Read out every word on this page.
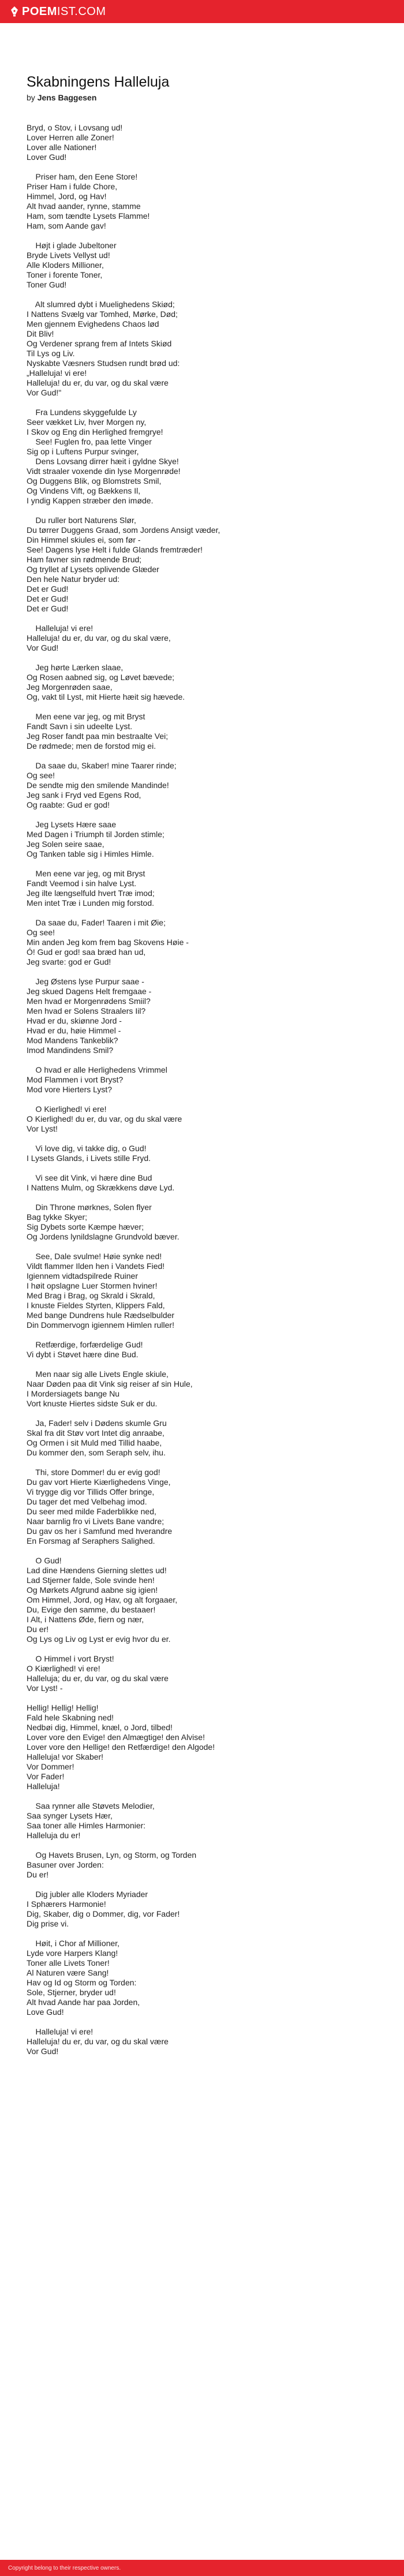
POEM IST.COM
Skabningens Halleluja
by Jens Baggesen
Bryd, o Stov, i Lovsang ud!
Lover Herren alle Zoner!
Lover alle Nationer!
Lover Gud!
Priser ham, den Eene Store!
Priser Ham i fulde Chore,
Himmel, Jord, og Hav!
Alt hvad aander, rynne, stamme
Ham, som tændte Lysets Flamme!
Ham, som Aande gav!
Højt i glade Jubeltoner
Bryde Livets Vellyst ud!
Alle Kloders Millioner,
Toner i forente Toner,
Toner Gud!
Alt slumred dybt i Muelighedens Skiød;
I Nattens Svælg var Tomhed, Mørke, Død;
Men gjennem Evighedens Chaos lød
Dit Bliv!
Og Verdener sprang frem af Intets Skiød
Til Lys og Liv.
Nyskabte Væsners Studsen rundt brød ud:
„Halleluja! vi ere!
Halleluja! du er, du var, og du skal være
Vor Gud!"
Fra Lundens skyggefulde Ly
Seer vækket Liv, hver Morgen ny,
I Skov og Eng din Herlighed fremgrye!
See! Fuglen fro, paa lette Vinger
Sig op i Luftens Purpur svinger,
Dens Lovsang dirrer hæit i gyldne Skye!
Vidt straaler voxende din lyse Morgenrøde!
Og Duggens Blik, og Blomstrets Smil,
Og Vindens Vift, og Bækkens Il,
I yndig Kappen stræber den imøde.
Du ruller bort Naturens Slør,
Du tørrer Duggens Graad, som Jordens Ansigt væder,
Din Himmel skiules ei, som før -
See! Dagens lyse Helt i fulde Glands fremtræder!
Ham favner sin rødmende Brud;
Og tryllet af Lysets oplivende Glæder
Den hele Natur bryder ud:
Det er Gud!
Det er Gud!
Det er Gud!
Halleluja! vi ere!
Halleluja! du er, du var, og du skal være,
Vor Gud!
Jeg hørte Lærken slaae,
Og Rosen aabned sig, og Løvet bævede;
Jeg Morgenrøden saae,
Og, vakt til Lyst, mit Hierte hæit sig hævede.
Men eene var jeg, og mit Bryst
Fandt Savn i sin udeelte Lyst.
Jeg Roser fandt paa min bestraalte Vei;
De rødmede; men de forstod mig ei.
Da saae du, Skaber! mine Taarer rinde;
Og see!
De sendte mig den smilende Mandinde!
Jeg sank i Fryd ved Egens Rod,
Og raabte: Gud er god!
Jeg Lysets Hære saae
Med Dagen i Triumph til Jorden stimle;
Jeg Solen seire saae,
Og Tanken table sig i Himles Himle.
Men eene var jeg, og mit Bryst
Fandt Veemod i sin halve Lyst.
Jeg ilte længselfuld hvert Træ imod;
Men intet Træ i Lunden mig forstod.
Da saae du, Fader! Taaren i mit Øie;
Og see!
Min anden Jeg kom frem bag Skovens Høie -
Ó! Gud er god! saa bræd han ud,
Jeg svarte: god er Gud!
Jeg Østens lyse Purpur saae -
Jeg skued Dagens Helt fremgaae -
Men hvad er Morgenrødens Smiil?
Men hvad er Solens Straalers Iil?
Hvad er du, skiønne Jord -
Hvad er du, høie Himmel -
Mod Mandens Tankeblik?
Imod Mandindens Smil?
O hvad er alle Herlighedens Vrimmel
Mod Flammen i vort Bryst?
Mod vore Hierters Lyst?
O Kierlighed! vi ere!
O Kierlighed! du er, du var, og du skal være
Vor Lyst!
Vi love dig, vi takke dig, o Gud!
I Lysets Glands, i Livets stille Fryd.
Vi see dit Vink, vi hære dine Bud
I Nattens Mulm, og Skrækkens døve Lyd.
Din Throne mørknes, Solen flyer
Bag tykke Skyer;
Sig Dybets sorte Kæmpe hæver;
Og Jordens lynildslagne Grundvold bæver.
See, Dale svulme! Høie synke ned!
Vildt flammer Ilden hen i Vandets Fied!
Igiennem vidtadspilrede Ruiner
I høit opslagne Luer Stormen hviner!
Med Brag i Brag, og Skrald i Skrald,
I knuste Fieldes Styrten, Klippers Fald,
Med bange Dundrens hule Rædselbulder
Din Dommervogn igiennem Himlen ruller!
Retfærdige, forfærdelige Gud!
Vi dybt i Støvet hære dine Bud.
Men naar sig alle Livets Engle skiule,
Naar Døden paa dit Vink sig reiser af sin Hule,
I Mordersiagets bange Nu
Vort knuste Hiertes sidste Suk er du.
Ja, Fader! selv i Dødens skumle Gru
Skal fra dit Støv vort Intet dig anraabe,
Og Ormen i sit Muld med Tillid haabe,
Du kommer den, som Seraph selv, ihu.
Thi, store Dommer! du er evig god!
Du gav vort Hierte Kiærlighedens Vinge,
Vi trygge dig vor Tillids Offer bringe,
Du tager det med Velbehag imod.
Du seer med milde Faderblikke ned,
Naar barnlig fro vi Livets Bane vandre;
Du gav os her i Samfund med hverandre
En Forsmag af Seraphers Salighed.
O Gud!
Lad dine Hændens Gierning slettes ud!
Lad Stjerner falde, Sole svinde hen!
Og Mørkets Afgrund aabne sig igien!
Om Himmel, Jord, og Hav, og alt forgaaer,
Du, Evige den samme, du bestaaer!
I Alt, i Nattens Øde, fiern og nær,
Du er!
Og Lys og Liv og Lyst er evig hvor du er.
O Himmel i vort Bryst!
O Kiærlighed! vi ere!
Halleluja; du er, du var, og du skal være
Vor Lyst! -
Hellig! Hellig! Hellig!
Fald hele Skabning ned!
Nedbøi dig, Himmel, knæl, o Jord, tilbed!
Lover vore den Evige! den Almægtige! den Alvise!
Lover vore den Hellige! den Retfærdige! den Algode!
Halleluja! vor Skaber!
Vor Dommer!
Vor Fader!
Halleluja!
Saa rynner alle Støvets Melodier,
Saa synger Lysets Hær,
Saa toner alle Himles Harmonier:
Halleluja du er!
Og Havets Brusen, Lyn, og Storm, og Torden
Basuner over Jorden:
Du er!
Dig jubler alle Kloders Myriader
I Sphærers Harmonie!
Dig, Skaber, dig o Dommer, dig, vor Fader!
Dig prise vi.
Høit, i Chor af Millioner,
Lyde vore Harpers Klang!
Toner alle Livets Toner!
Al Naturen være Sang!
Hav og Id og Storm og Torden:
Sole, Stjerner, bryder ud!
Alt hvad Aande har paa Jorden,
Love Gud!
Halleluja! vi ere!
Halleluja! du er, du var, og du skal være
Vor Gud!
Copyright belong to their respective owners.
